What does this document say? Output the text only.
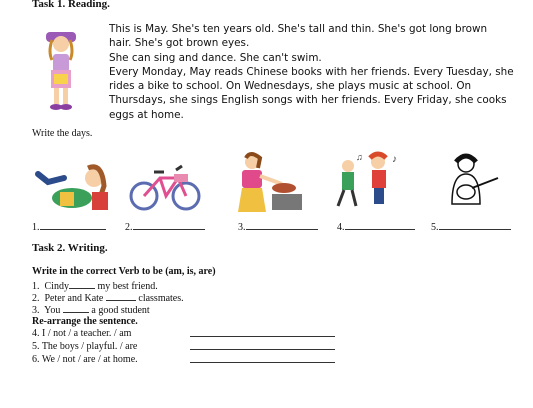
Task 1. Reading.

This is May. She's ten years old. She's tall and thin. She's got long brown

hair. She's got brown eyes.

She can sing and dance. She can't swim.

Every Monday, May reads Chinese books with her friends. Every Tuesday, she

rides a bike to school. On Wednesdays, she plays music at school. On

Thursdays, she sings English songs with her friends. Every Friday, she cooks

eggs at home.

Write the days.
♪
♫
1.	2.	3.	4.	5.
Task 2. Writing.
Write in the correct Verb to be (am, is, are)
1. Cindy	my best friend.
2. Peter and Kate	classmates.
3. You	a good student
Re-arrange the sentence.
4. I / not / a teacher. / am
5. The boys / playful. / are
6. We / not / are / at home.
